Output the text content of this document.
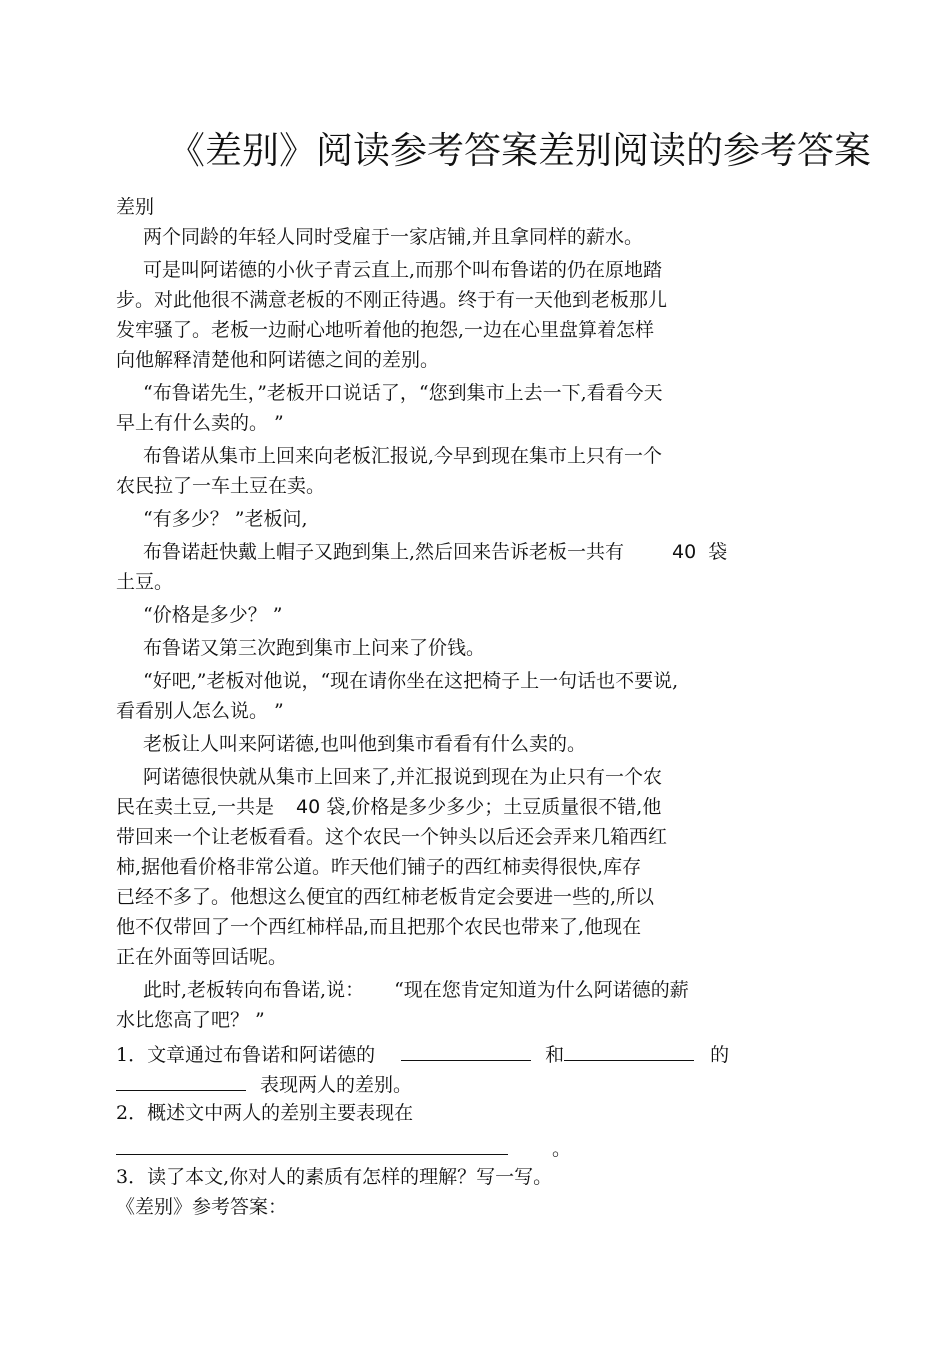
《差别》阅读参考答案差别阅读的参考答案
差别
两个同龄的年轻人同时受雇于一家店铺,并且拿同样的薪水。
可是叫阿诺德的小伙子青云直上,而那个叫布鲁诺的仍在原地踏
步。对此他很不满意老板的不刚正待遇。终于有一天他到老板那儿
发牢骚了。老板一边耐心地听着他的抱怨,一边在心里盘算着怎样
向他解释清楚他和阿诺德之间的差别。
“布鲁诺先生，”老板开口说话了，“您到集市上去一下,看看今天
早上有什么卖的。 ”
布鲁诺从集市上回来向老板汇报说,今早到现在集市上只有一个
农民拉了一车土豆在卖。
“有多少？ ”老板问,
布鲁诺赶快戴上帽子又跑到集上,然后回来告诉老板一共有	40 袋
土豆。
“价格是多少？ ”
布鲁诺又第三次跑到集市上问来了价钱。
“好吧,”老板对他说，“现在请你坐在这把椅子上一句话也不要说,
看看别人怎么说。 ”
老板让人叫来阿诺德,也叫他到集市看看有什么卖的。
阿诺德很快就从集市上回来了,并汇报说到现在为止只有一个农
民在卖土豆,一共是 40 袋,价格是多少多少；土豆质量很不错,他
带回来一个让老板看看。这个农民一个钟头以后还会弄来几箱西红
柿,据他看价格非常公道。昨天他们铺子的西红柿卖得很快,库存
已经不多了。他想这么便宜的西红柿老板肯定会要进一些的,所以
他不仅带回了一个西红柿样品,而且把那个农民也带来了,他现在
正在外面等回话呢。
此时,老板转向布鲁诺,说： “现在您肯定知道为什么阿诺德的薪
水比您高了吧？ ”
1．文章通过布鲁诺和阿诺德的	和	的
表现两人的差别。
2．概述文中两人的差别主要表现在
。
3．读了本文,你对人的素质有怎样的理解？写一写。
《差别》参考答案：
